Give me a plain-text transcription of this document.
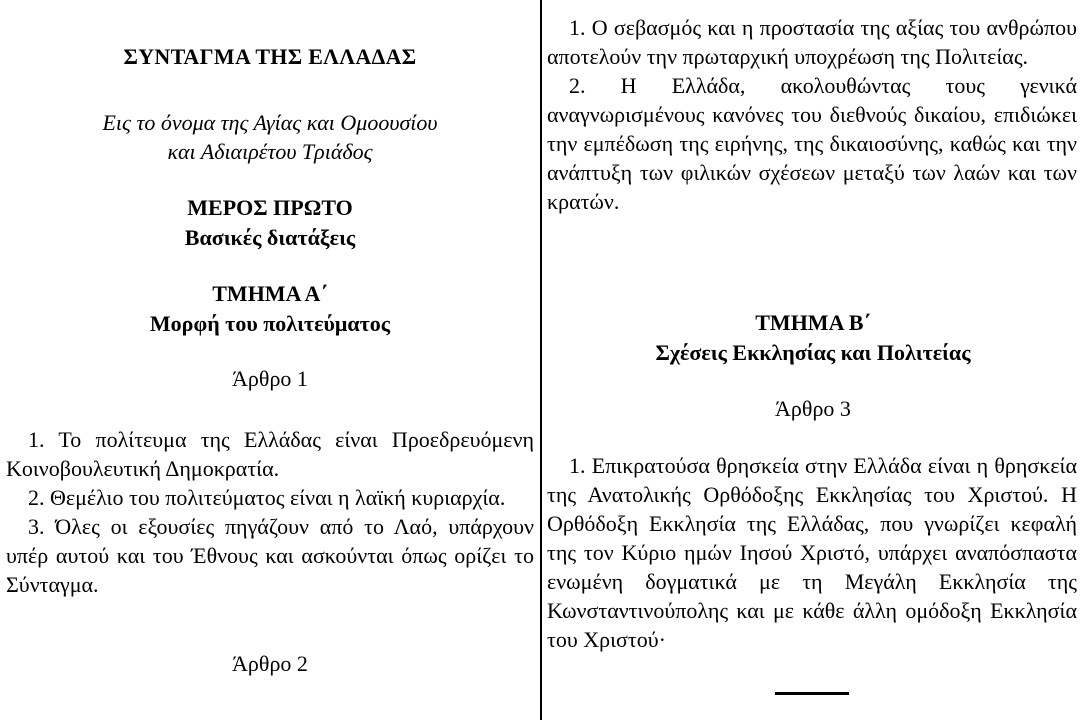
ΣΥΝΤΑΓΜΑ ΤΗΣ ΕΛΛΑΔΑΣ
Εις το όνομα της Αγίας και Ομοουσίου
και Αδιαιρέτου Τριάδος
ΜΕΡΟΣ ΠΡΩΤΟ
Βασικές διατάξεις
ΤΜΗΜΑ Α΄
Μορφή του πολιτεύματος
Άρθρο 1

1. Το πολίτευμα της Ελλάδας είναι Προεδρευόμενη Κοινοβουλευτική Δημοκρατία.

2. Θεμέλιο του πολιτεύματος είναι η λαϊκή κυριαρχία.

3. Όλες οι εξουσίες πηγάζουν από το Λαό, υπάρχουν υπέρ αυτού και του Έθνους και ασκούνται όπως ορίζει το Σύνταγμα.

Άρθρο 2

1. Ο σεβασμός και η προστασία της αξίας του ανθρώπου αποτελούν την πρωταρχική υποχρέωση της Πολιτείας.

2. Η Ελλάδα, ακολουθώντας τους γενικά αναγνωρισμένους κανόνες του διεθνούς δικαίου, επιδιώκει την εμπέδωση της ειρήνης, της δικαιοσύνης, καθώς και την ανάπτυξη των φιλικών σχέσεων μεταξύ των λαών και των κρατών.

ΤΜΗΜΑ Β΄
Σχέσεις Εκκλησίας και Πολιτείας
Άρθρο 3

1. Επικρατούσα θρησκεία στην Ελλάδα είναι η θρησκεία της Ανατολικής Ορθόδοξης Εκκλησίας του Χριστού. Η Ορθόδοξη Εκκλησία της Ελλάδας, που γνωρίζει κεφαλή της τον Κύριο ημών Ιησού Χριστό, υπάρχει αναπόσπαστα ενωμένη δογματικά με τη Μεγάλη Εκκλησία της Κωνσταντινούπολης και με κάθε άλλη ομόδοξη Εκκλησία του Χριστού·
